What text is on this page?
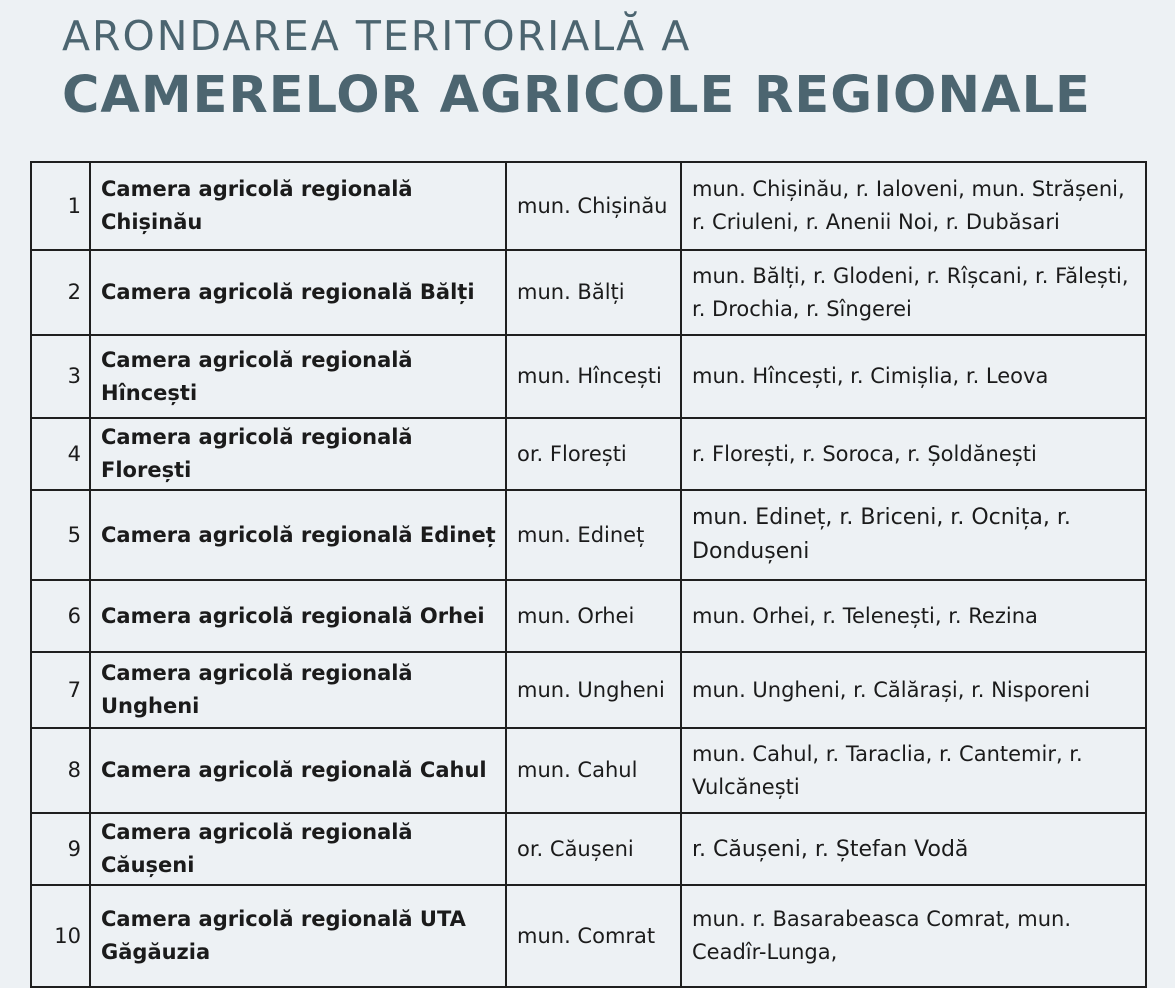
ARONDAREA TERITORIALĂ A
CAMERELOR AGRICOLE REGIONALE
1	Camera agricolă regională Chișinău	mun. Chișinău	mun. Chișinău, r. Ialoveni, mun. Strășeni, r. Criuleni, r. Anenii Noi, r. Dubăsari

2	Camera agricolă regională Bălți	mun. Bălți	mun. Bălți, r. Glodeni, r. Rîșcani, r. Fălești, r. Drochia, r. Sîngerei
3	Camera agricolă regională Hîncești	mun. Hîncești	mun. Hîncești, r. Cimișlia, r. Leova
4	Camera agricolă regională Florești	or. Florești	r. Florești, r. Soroca, r. Șoldănești
5	Camera agricolă regională Edineț	mun. Edineț	mun. Edineț, r. Briceni, r. Ocnița, r. Dondușeni
6	Camera agricolă regională Orhei	mun. Orhei	mun. Orhei, r. Telenești, r. Rezina
7	Camera agricolă regională Ungheni	mun. Ungheni	mun. Ungheni, r. Călărași, r. Nisporeni
8	Camera agricolă regională Cahul	mun. Cahul	mun. Cahul, r. Taraclia, r. Cantemir, r. Vulcănești
9	Camera agricolă regională Căușeni	or. Căușeni	r. Căușeni, r. Ștefan Vodă
10	Camera agricolă regională UTA Găgăuzia	mun. Comrat	mun. r. Basarabeasca Comrat, mun. Ceadîr-Lunga,
